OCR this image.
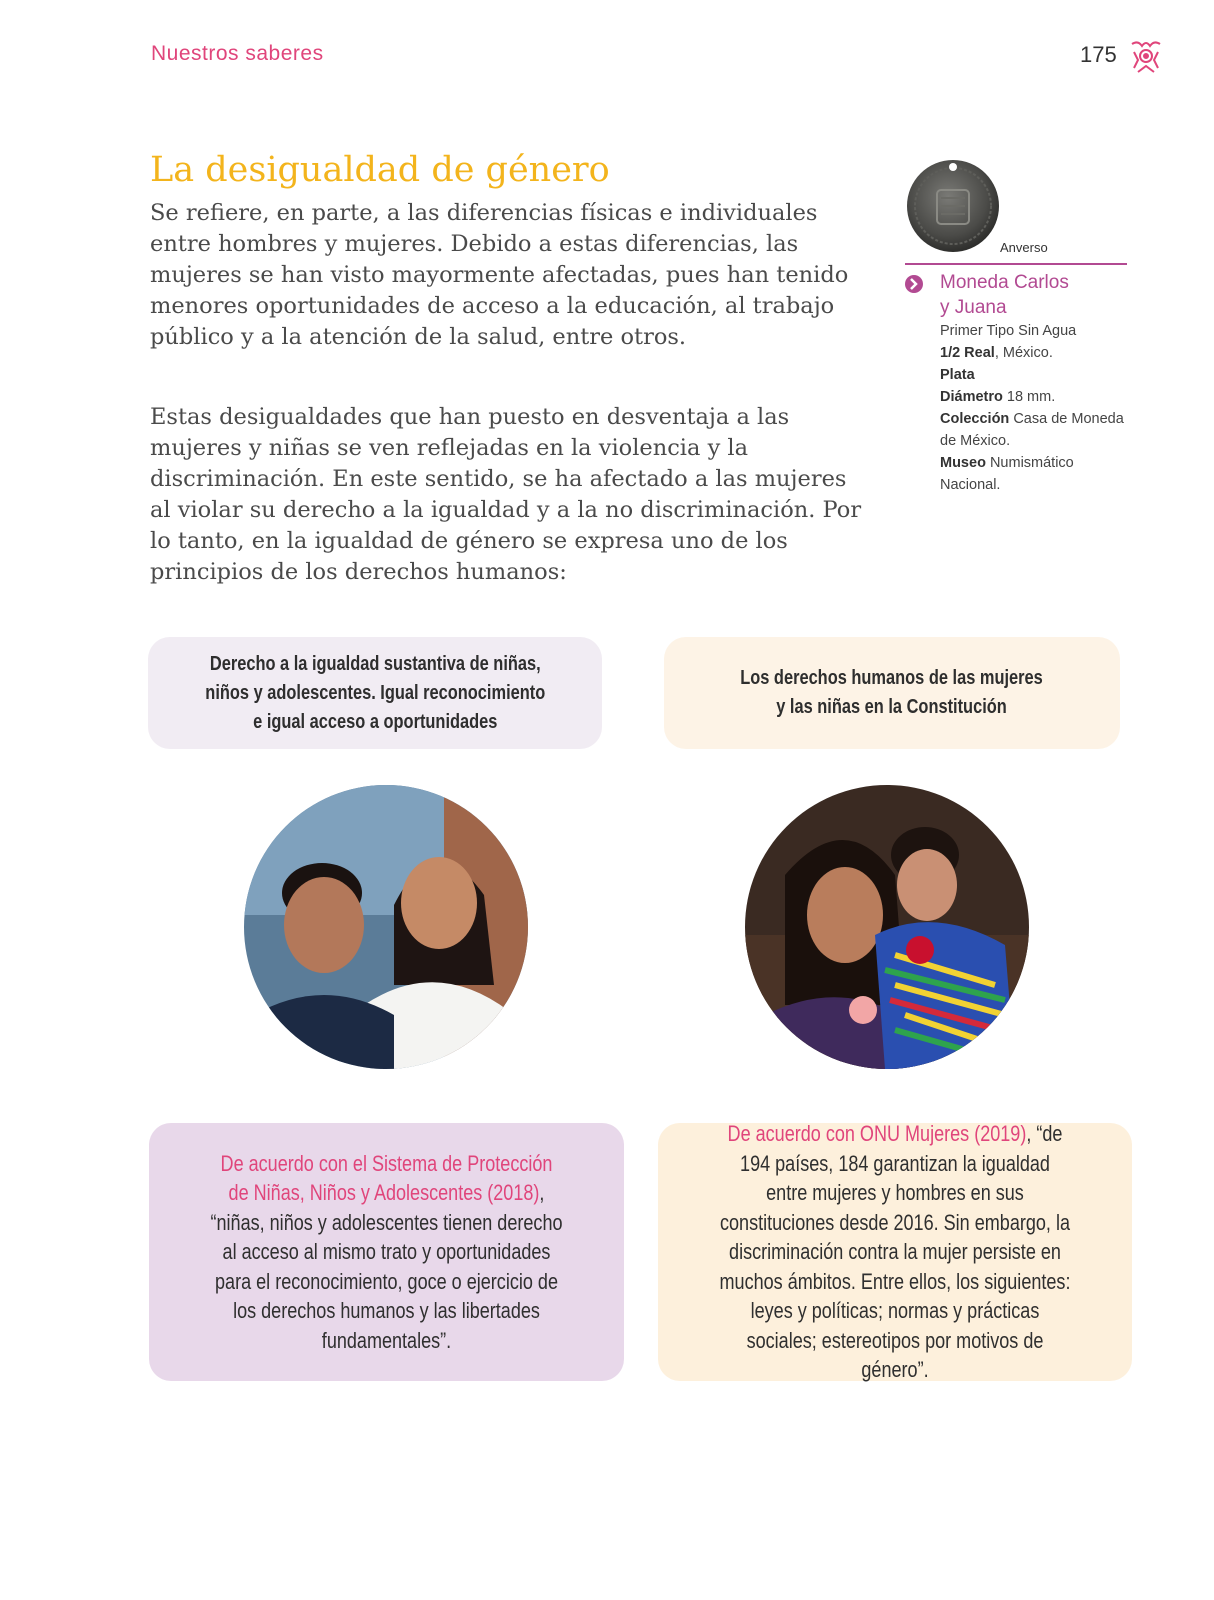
Nuestros saberes	175
La desigualdad de género

Se refiere, en parte, a las diferencias físicas e individuales entre hombres y mujeres. Debido a estas diferencias, las mujeres se han visto mayormente afectadas, pues han tenido menores oportunidades de acceso a la educación, al trabajo público y a la atención de la salud, entre otros.

Estas desigualdades que han puesto en desventaja a las mujeres y niñas se ven reflejadas en la violencia y la discriminación. En este sentido, se ha afectado a las mujeres al violar su derecho a la igualdad y a la no discriminación. Por lo tanto, en la igualdad de género se expresa uno de los principios de los derechos humanos:

Anverso
Moneda Carlos
y Juana
Primer Tipo Sin Agua
1/2 Real, México.
Plata
Diámetro 18 mm.
Colección Casa de Moneda de México.
Museo Numismático Nacional.
Derecho a la igualdad sustantiva de niñas,
niños y adolescentes. Igual reconocimiento
e igual acceso a oportunidades
Los derechos humanos de las mujeres
y las niñas en la Constitución
De acuerdo con el Sistema de Protección de Niñas, Niños y Adolescentes (2018), “niñas, niños y adolescentes tienen derecho al acceso al mismo trato y oportunidades para el reconocimiento, goce o ejercicio de los derechos humanos y las libertades fundamentales”.
De acuerdo con ONU Mujeres (2019), “de 194 países, 184 garantizan la igualdad entre mujeres y hombres en sus constituciones desde 2016. Sin embargo, la discriminación contra la mujer persiste en muchos ámbitos. Entre ellos, los siguientes: leyes y políticas; normas y prácticas sociales; estereotipos por motivos de género”.
